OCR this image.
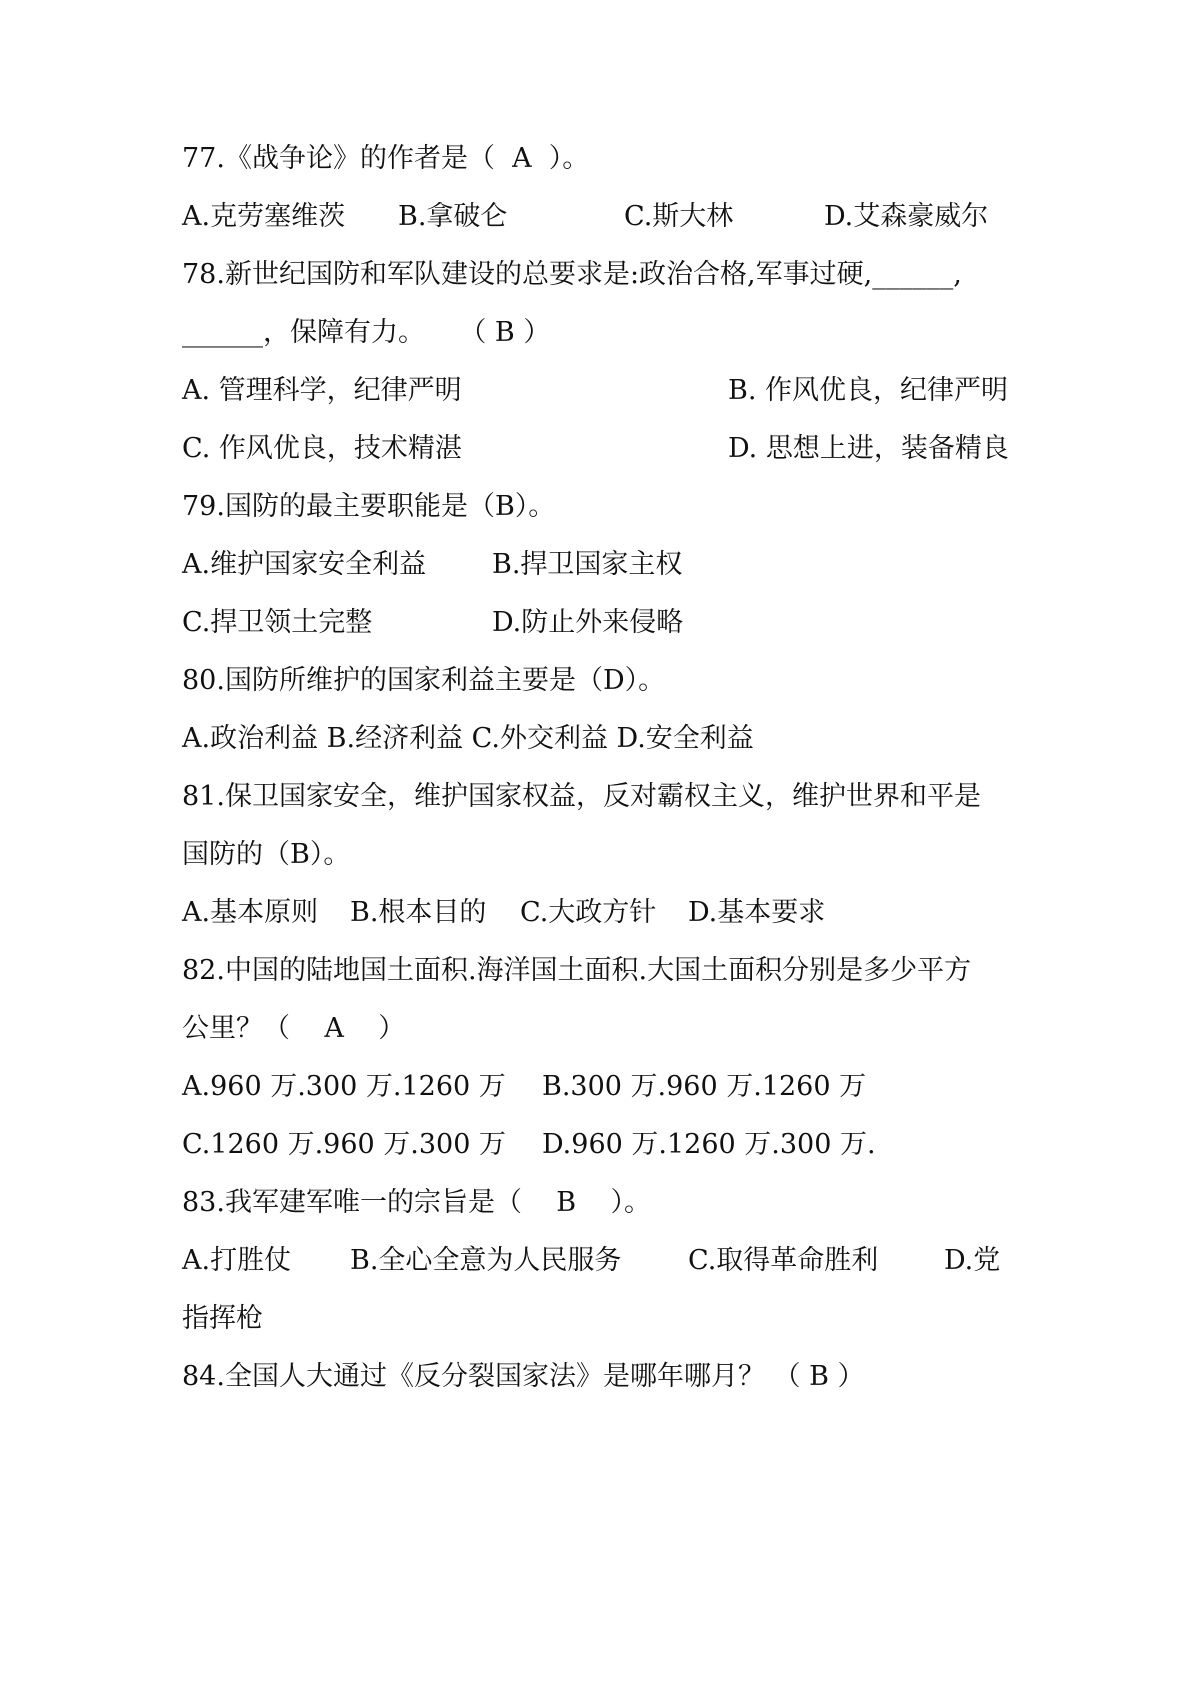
77.《战争论》的作者是（  A  ）。
A.克劳塞维茨 B.拿破仑	C.斯大林	D.艾森豪威尔
78.新世纪国防和军队建设的总要求是:政治合格,军事过硬,______,
______，保障有力。    （ B ）
A. 管理科学，纪律严明	B. 作风优良，纪律严明
C. 作风优良，技术精湛	D. 思想上进，装备精良
79.国防的最主要职能是（B）。
A.维护国家安全利益 B.捍卫国家主权
C.捍卫领土完整	D.防止外来侵略
80.国防所维护的国家利益主要是（D）。
A.政治利益 B.经济利益 C.外交利益 D.安全利益
81.保卫国家安全，维护国家权益，反对霸权主义，维护世界和平是
国防的（B）。
A.基本原则 B.根本目的 C.大政方针 D.基本要求
82.中国的陆地国土面积.海洋国土面积.大国土面积分别是多少平方
公里？（    A    ）
A.960 万.300 万.1260 万 B.300 万.960 万.1260 万
C.1260 万.960 万.300 万 D.960 万.1260 万.300 万.
83.我军建军唯一的宗旨是（    B    ）。
A.打胜仗 B.全心全意为人民服务 C.取得革命胜利 D.党
指挥枪
84.全国人大通过《反分裂国家法》是哪年哪月？ （ B ）
